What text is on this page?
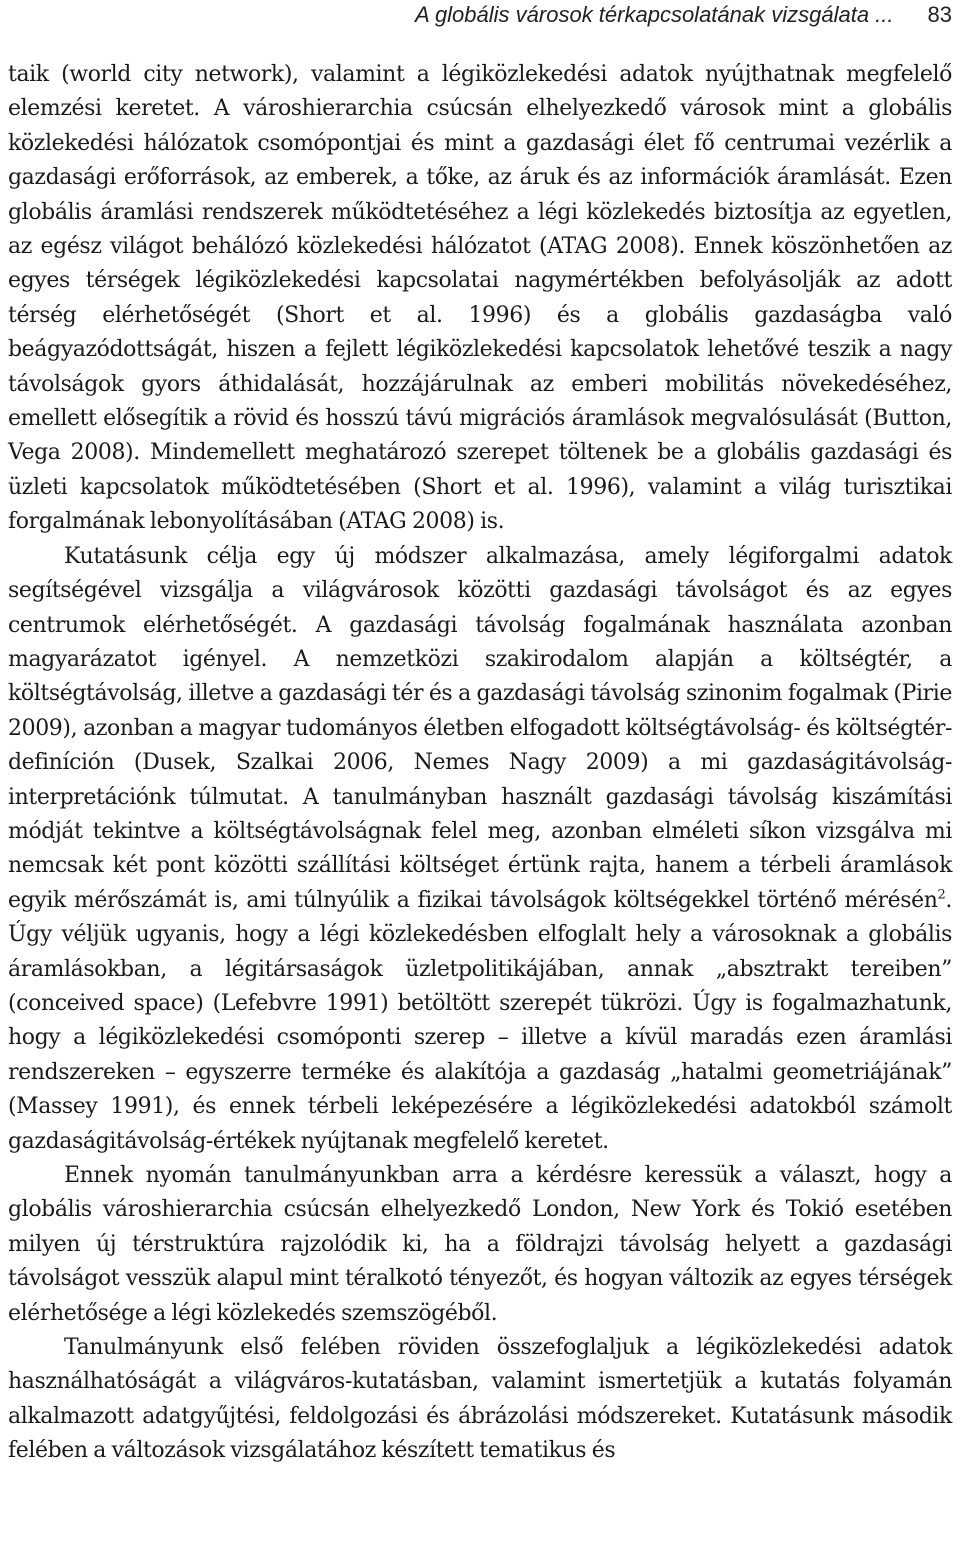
A globális városok térkapcsolatának vizsgálata ... 83

taik (world city network), valamint a légiközlekedési adatok nyújthatnak megfelelő elemzési keretet. A városhierarchia csúcsán elhelyezkedő városok mint a globális közlekedési hálózatok csomópontjai és mint a gazdasági élet fő centrumai vezérlik a gazdasági erőforrások, az emberek, a tőke, az áruk és az információk áramlását. Ezen globális áramlási rendszerek működtetéséhez a légi közlekedés biztosítja az egyetlen, az egész világot behálózó közlekedési hálózatot (ATAG 2008). Ennek köszönhetően az egyes térségek légiközlekedési kapcsolatai nagymértékben befolyásolják az adott térség elérhetőségét (Short et al. 1996) és a globális gazdaságba való beágyazódottságát, hiszen a fejlett légiközlekedési kapcsolatok lehetővé teszik a nagy távolságok gyors áthidalását, hozzájárulnak az emberi mobilitás növekedéséhez, emellett elősegítik a rövid és hosszú távú migrációs áramlások megvalósulását (Button, Vega 2008). Mindemellett meghatározó szerepet töltenek be a globális gazdasági és üzleti kapcsolatok működtetésében (Short et al. 1996), valamint a világ turisztikai forgalmának lebonyolításában (ATAG 2008) is.

Kutatásunk célja egy új módszer alkalmazása, amely légiforgalmi adatok segítségével vizsgálja a világvárosok közötti gazdasági távolságot és az egyes centrumok elérhetőségét. A gazdasági távolság fogalmának használata azonban magyarázatot igényel. A nemzetközi szakirodalom alapján a költségtér, a költségtávolság, illetve a gazdasági tér és a gazdasági távolság szinonim fogalmak (Pirie 2009), azonban a magyar tudományos életben elfogadott költségtávolság- és költségtér-definíción (Dusek, Szalkai 2006, Nemes Nagy 2009) a mi gazdaságitávolság-interpretációnk túlmutat. A tanulmányban használt gazdasági távolság kiszámítási módját tekintve a költségtávolságnak felel meg, azonban elméleti síkon vizsgálva mi nemcsak két pont közötti szállítási költséget értünk rajta, hanem a térbeli áramlások egyik mérőszámát is, ami túlnyúlik a fizikai távolságok költségekkel történő mérésén$^2$. Úgy véljük ugyanis, hogy a légi közlekedésben elfoglalt hely a városoknak a globális áramlásokban, a légitársaságok üzletpolitikájában, annak „absztrakt tereiben” (conceived space) (Lefebvre 1991) betöltött szerepét tükrözi. Úgy is fogalmazhatunk, hogy a légiközlekedési csomóponti szerep – illetve a kívül maradás ezen áramlási rendszereken – egyszerre terméke és alakítója a gazdaság „hatalmi geometriájának” (Massey 1991), és ennek térbeli leképezésére a légiközlekedési adatokból számolt gazdaságitávolság-értékek nyújtanak megfelelő keretet.

Ennek nyomán tanulmányunkban arra a kérdésre keressük a választ, hogy a globális városhierarchia csúcsán elhelyezkedő London, New York és Tokió esetében milyen új térstruktúra rajzolódik ki, ha a földrajzi távolság helyett a gazdasági távolságot vesszük alapul mint téralkotó tényezőt, és hogyan változik az egyes térségek elérhetősége a légi közlekedés szemszögéből.

Tanulmányunk első felében röviden összefoglaljuk a légiközlekedési adatok használhatóságát a világváros-kutatásban, valamint ismertetjük a kutatás folyamán alkalmazott adatgyűjtési, feldolgozási és ábrázolási módszereket. Kutatásunk második felében a változások vizsgálatához készített tematikus és
